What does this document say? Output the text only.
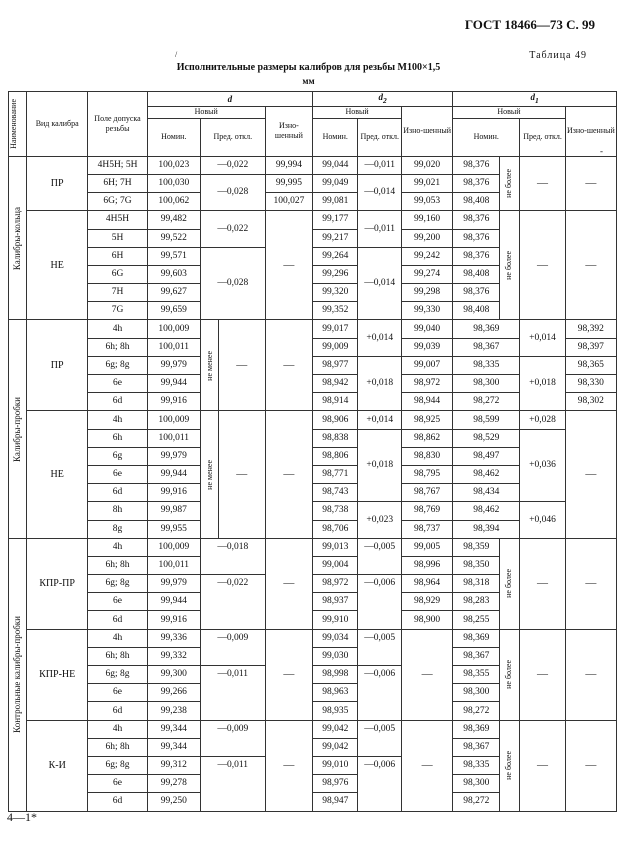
ГОСТ 18466—73 С. 99
/	Таблица 49
Исполнительные размеры калибров для резьбы М100×1,5
мм
-
Наименование	Вид калибра	Поле допуска резьбы	d				$d_2$			$d_1$
			Новый			Изно-шенный	Новый		Изно-шенный	Новый			Изно-шенный
			Номин.	Пред. откл.			Номин.	Пред. откл.		Номин.		Пред. откл.	

Калибры-кольца	ПР	4Н5Н; 5Н	100,023	—0,022		99,994	99,044	—0,011	99,020	98,376	не более	—	—
		6Н; 7Н	100,030	—0,028		99,995	99,049	—0,014	99,021	98,376			
		6G; 7G	100,062			100,027	99,081		99,053	98,408			
	НЕ	4Н5Н	99,482	—0,022		—	99,177	—0,011	99,160	98,376	не более	—	—
		5Н	99,522				99,217		99,200	98,376			
		6Н	99,571	—0,028			99,264	—0,014	99,242	98,376			
		6G	99,603				99,296		99,274	98,408			
		7Н	99,627				99,320		99,298	98,376			
		7G	99,659				99,352		99,330	98,408			

Калибры-пробки	ПР	4h	100,009	не менее	—	—	99,017	+0,014	99,040	98,369		+0,014	98,392
		6h; 8h	100,011				99,009		99,039	98,367			98,397
		6g; 8g	99,979				98,977	+0,018	99,007	98,335		+0,018	98,365
		6e	99,944				98,942		98,972	98,300			98,330
		6d	99,916				98,914		98,944	98,272			98,302
	НЕ	4h	100,009	не менее	—	—	98,906	+0,014	98,925	98,599		+0,028	—
		6h	100,011				98,838	+0,018	98,862	98,529		+0,036	
		6g	99,979				98,806		98,830	98,497			
		6e	99,944				98,771		98,795	98,462			
		6d	99,916				98,743		98,767	98,434			
		8h	99,987				98,738	+0,023	98,769	98,462		+0,046	
		8g	99,955				98,706		98,737	98,394			

Контрольные калибры-пробки	КПР-ПР	4h	100,009	—0,018		—	99,013	—0,005	99,005	98,359	не более	—	—
		6h; 8h	100,011				99,004		98,996	98,350			
		6g; 8g	99,979	—0,022			98,972	—0,006	98,964	98,318			
		6e	99,944				98,937		98,929	98,283			
		6d	99,916				99,910		98,900	98,255			
	КПР-НЕ	4h	99,336	—0,009		—	99,034	—0,005	—	98,369	не более	—	—
		6h; 8h	99,332				99,030			98,367			
		6g; 8g	99,300	—0,011			98,998	—0,006		98,355			
		6e	99,266				98,963			98,300			
		6d	99,238				98,935			98,272			
	К-И	4h	99,344	—0,009		—	99,042	—0,005	—	98,369	не более	—	—
		6h; 8h	99,344				99,042			98,367			
		6g; 8g	99,312	—0,011			99,010	—0,006		98,335			
		6e	99,278				98,976			98,300			
		6d	99,250				98,947			98,272			
4—1*
